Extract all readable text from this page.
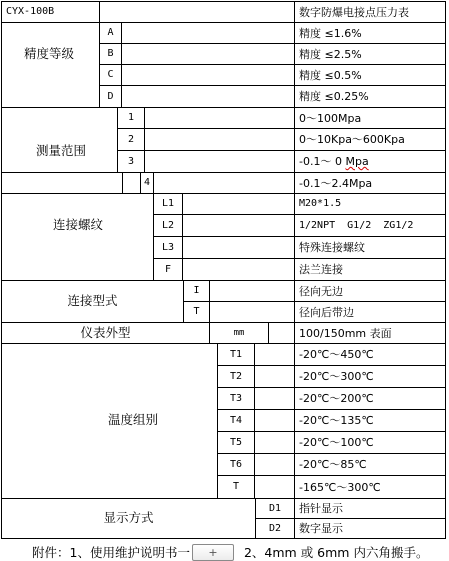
CYX-100B	数字防爆电接点压力表
精度等级
A	精度 ≤1.6%
B	精度 ≤2.5%
C	精度 ≤0.5%
D	精度 ≤0.25%
测量范围
1	0～100Mpa
2	0～10Kpa～600Kpa
3	-0.1～ 0 Mpa
4	-0.1～2.4Mpa
连接螺纹
L1	M20*1.5
L2	1/2NPT  G1/2  ZG1/2
L3	特殊连接螺纹
F	法兰连接
连接型式
I	径向无边
T	径向后带边
仪表外型	mm	100/150mm 表面
温度组别
T1	-20℃～450℃
T2	-20℃～300℃
T3	-20℃～200℃
T4	-20℃～135℃
T5	-20℃～100℃
T6	-20℃～85℃
T	-165℃～300℃
显示方式
D1	指针显示
D2	数字显示
附件：1、使用维护说明书一	+	2、4mm 或 6mm 内六角搬手。
